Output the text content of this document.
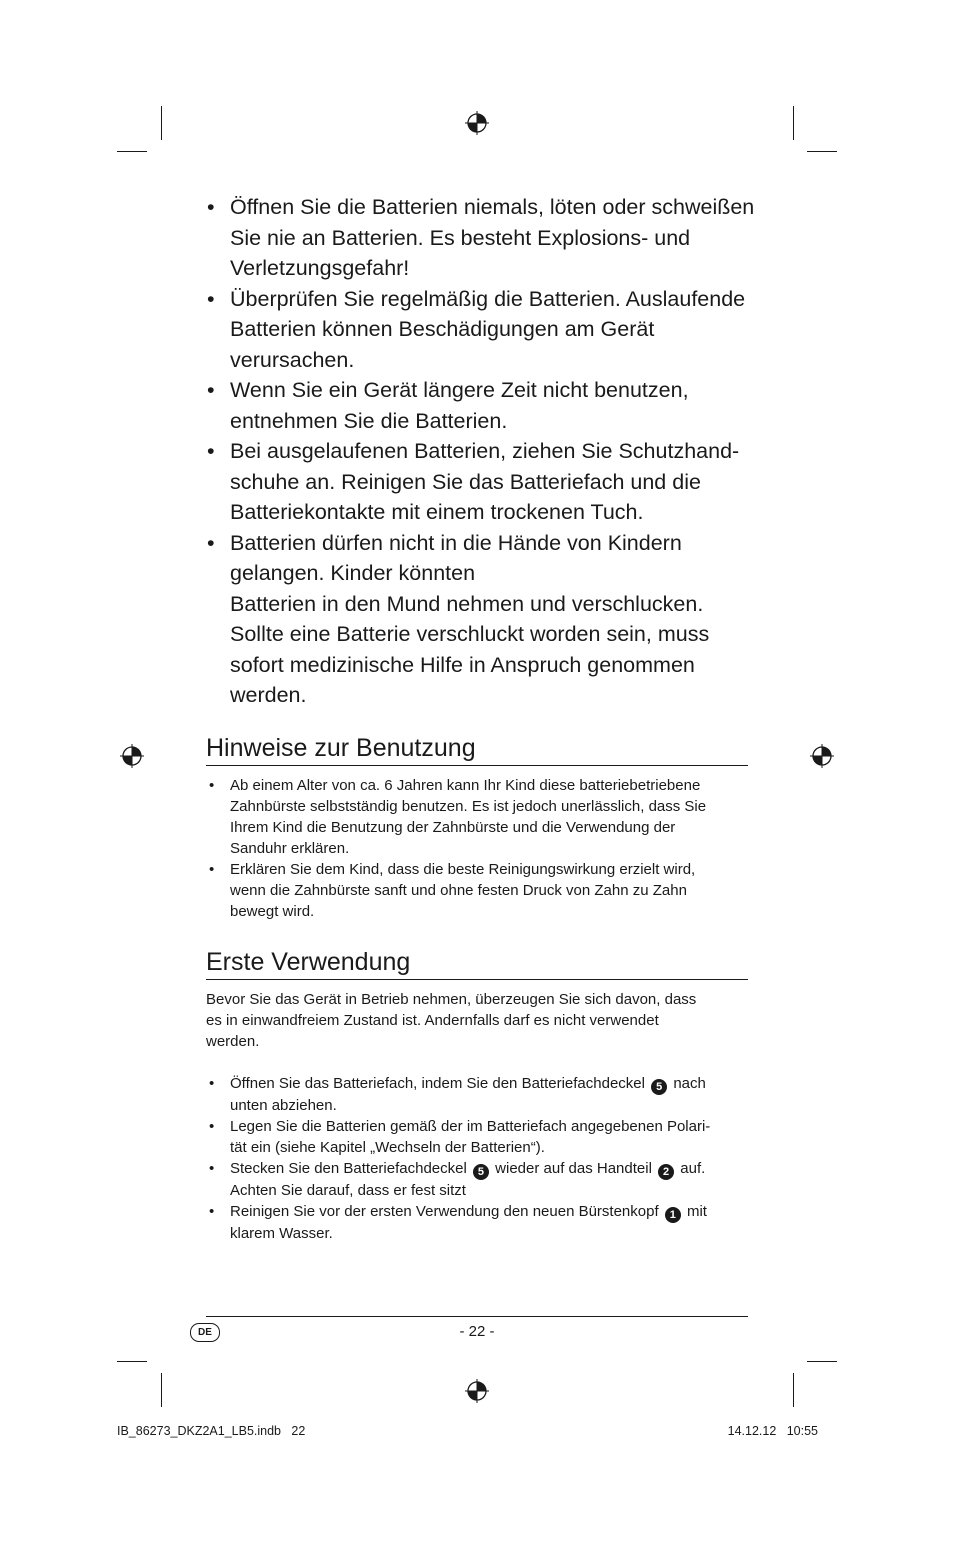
• Öffnen Sie die Batterien niemals, löten oder schweißen
Sie nie an Batterien. Es besteht Explosions- und
Verletzungsgefahr!
• Überprüfen Sie regelmäßig die Batterien. Auslaufende
Batterien können Beschädigungen am Gerät
verursachen.
• Wenn Sie ein Gerät längere Zeit nicht benutzen,
entnehmen Sie die Batterien.
• Bei ausgelaufenen Batterien, ziehen Sie Schutzhand-
schuhe an. Reinigen Sie das Batteriefach und die
Batteriekontakte mit einem trockenen Tuch.
• Batterien dürfen nicht in die Hände von Kindern
gelangen. Kinder könnten
Batterien in den Mund nehmen und verschlucken.
Sollte eine Batterie verschluckt worden sein, muss
sofort medizinische Hilfe in Anspruch genommen
werden.
Hinweise zur Benutzung
• Ab einem Alter von ca. 6 Jahren kann Ihr Kind diese batteriebetriebene
Zahnbürste selbstständig benutzen. Es ist jedoch unerlässlich, dass Sie
Ihrem Kind die Benutzung der Zahnbürste und die Verwendung der
Sanduhr erklären.
• Erklären Sie dem Kind, dass die beste Reinigungswirkung erzielt wird,
wenn die Zahnbürste sanft und ohne festen Druck von Zahn zu Zahn
bewegt wird.
Erste Verwendung
Bevor Sie das Gerät in Betrieb nehmen, überzeugen Sie sich davon, dass
es in einwandfreiem Zustand ist. Andernfalls darf es nicht verwendet
werden.
• Öffnen Sie das Batteriefach, indem Sie den Batteriefachdeckel 5 nach
unten abziehen.
• Legen Sie die Batterien gemäß der im Batteriefach angegebenen Polari-
tät ein (siehe Kapitel „Wechseln der Batterien“).
• Stecken Sie den Batteriefachdeckel 5 wieder auf das Handteil 2 auf.
Achten Sie darauf, dass er fest sitzt
• Reinigen Sie vor der ersten Verwendung den neuen Bürstenkopf 1 mit
klarem Wasser.
DE	- 22 -
IB_86273_DKZ2A1_LB5.indb   22	14.12.12   10:55
